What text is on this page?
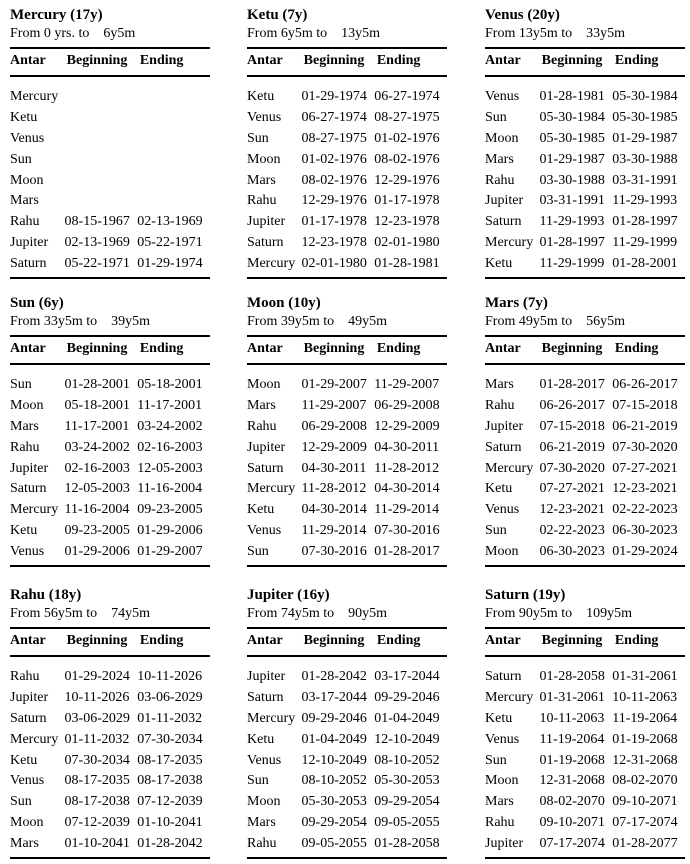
Mercury (17y)
From 0 yrs. to 6y5m
Antar	Beginning Ending
Mercury
Ketu
Venus
Sun
Moon
Mars
Rahu	08-15-1967 02-13-1969
Jupiter	02-13-1969 05-22-1971
Saturn	05-22-1971 01-29-1974
Ketu (7y)
From 6y5m to 13y5m
Antar	Beginning Ending
Ketu	01-29-1974 06-27-1974
Venus	06-27-1974 08-27-1975
Sun	08-27-1975 01-02-1976
Moon	01-02-1976 08-02-1976
Mars	08-02-1976 12-29-1976
Rahu	12-29-1976 01-17-1978
Jupiter	01-17-1978 12-23-1978
Saturn	12-23-1978 02-01-1980
Mercury 02-01-1980 01-28-1981
Venus (20y)
From 13y5m to 33y5m
Antar	Beginning Ending
Venus	01-28-1981 05-30-1984
Sun	05-30-1984 05-30-1985
Moon	05-30-1985 01-29-1987
Mars	01-29-1987 03-30-1988
Rahu	03-30-1988 03-31-1991
Jupiter	03-31-1991 11-29-1993
Saturn	11-29-1993 01-28-1997
Mercury 01-28-1997 11-29-1999
Ketu	11-29-1999 01-28-2001
Sun (6y)
From 33y5m to 39y5m
Antar	Beginning Ending
Sun	01-28-2001 05-18-2001
Moon	05-18-2001 11-17-2001
Mars	11-17-2001 03-24-2002
Rahu	03-24-2002 02-16-2003
Jupiter	02-16-2003 12-05-2003
Saturn	12-05-2003 11-16-2004
Mercury 11-16-2004 09-23-2005
Ketu	09-23-2005 01-29-2006
Venus	01-29-2006 01-29-2007
Moon (10y)
From 39y5m to 49y5m
Antar	Beginning Ending
Moon	01-29-2007 11-29-2007
Mars	11-29-2007 06-29-2008
Rahu	06-29-2008 12-29-2009
Jupiter	12-29-2009 04-30-2011
Saturn	04-30-2011 11-28-2012
Mercury 11-28-2012 04-30-2014
Ketu	04-30-2014 11-29-2014
Venus	11-29-2014 07-30-2016
Sun	07-30-2016 01-28-2017
Mars (7y)
From 49y5m to 56y5m
Antar	Beginning Ending
Mars	01-28-2017 06-26-2017
Rahu	06-26-2017 07-15-2018
Jupiter	07-15-2018 06-21-2019
Saturn	06-21-2019 07-30-2020
Mercury 07-30-2020 07-27-2021
Ketu	07-27-2021 12-23-2021
Venus	12-23-2021 02-22-2023
Sun	02-22-2023 06-30-2023
Moon	06-30-2023 01-29-2024
Rahu (18y)
From 56y5m to 74y5m
Antar	Beginning Ending
Rahu	01-29-2024 10-11-2026
Jupiter	10-11-2026 03-06-2029
Saturn	03-06-2029 01-11-2032
Mercury 01-11-2032 07-30-2034
Ketu	07-30-2034 08-17-2035
Venus	08-17-2035 08-17-2038
Sun	08-17-2038 07-12-2039
Moon	07-12-2039 01-10-2041
Mars	01-10-2041 01-28-2042
Jupiter (16y)
From 74y5m to 90y5m
Antar	Beginning Ending
Jupiter	01-28-2042 03-17-2044
Saturn	03-17-2044 09-29-2046
Mercury 09-29-2046 01-04-2049
Ketu	01-04-2049 12-10-2049
Venus	12-10-2049 08-10-2052
Sun	08-10-2052 05-30-2053
Moon	05-30-2053 09-29-2054
Mars	09-29-2054 09-05-2055
Rahu	09-05-2055 01-28-2058
Saturn (19y)
From 90y5m to 109y5m
Antar	Beginning Ending
Saturn	01-28-2058 01-31-2061
Mercury 01-31-2061 10-11-2063
Ketu	10-11-2063 11-19-2064
Venus	11-19-2064 01-19-2068
Sun	01-19-2068 12-31-2068
Moon	12-31-2068 08-02-2070
Mars	08-02-2070 09-10-2071
Rahu	09-10-2071 07-17-2074
Jupiter	07-17-2074 01-28-2077
